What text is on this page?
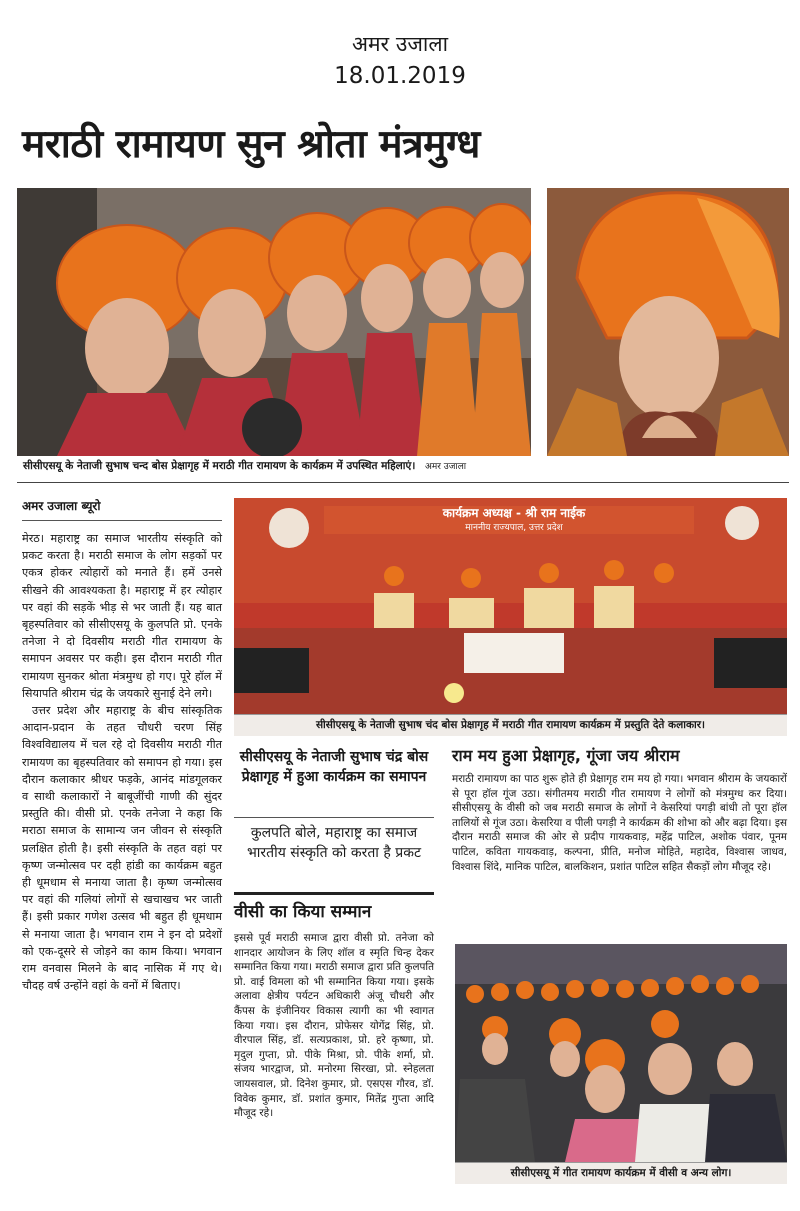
अमर उजाला
18.01.2019
मराठी रामायण सुन श्रोता मंत्रमुग्ध
सीसीएसयू के नेताजी सुभाष चन्द बोस प्रेक्षागृह में मराठी गीत रामायण के कार्यक्रम में उपस्थित महिलाएं। अमर उजाला
अमर उजाला ब्यूरो

मेरठ। महाराष्ट्र का समाज भारतीय संस्कृति को प्रकट करता है। मराठी समाज के लोग सड़कों पर एकत्र होकर त्योहारों को मनाते हैं। हमें उनसे सीखने की आवश्यकता है। महाराष्ट्र में हर त्योहार पर वहां की सड़कें भीड़ से भर जाती हैं। यह बात बृहस्पतिवार को सीसीएसयू के कुलपति प्रो. एनके तनेजा ने दो दिवसीय मराठी गीत रामायण के समापन अवसर पर कही। इस दौरान मराठी गीत रामायण सुनकर श्रोता मंत्रमुग्ध हो गए। पूरे हॉल में सियापति श्रीराम चंद्र के जयकारे सुनाई देने लगे।

उत्तर प्रदेश और महाराष्ट्र के बीच सांस्कृतिक आदान-प्रदान के तहत चौधरी चरण सिंह विश्वविद्यालय में चल रहे दो दिवसीय मराठी गीत रामायण का बृहस्पतिवार को समापन हो गया। इस दौरान कलाकार श्रीधर फड़के, आनंद मांडगूलकर व साथी कलाकारों ने बाबूजींची गाणी की सुंदर प्रस्तुति की। वीसी प्रो. एनके तनेजा ने कहा कि मराठा समाज के सामान्य जन जीवन से संस्कृति प्रलक्षित होती है। इसी संस्कृति के तहत वहां पर कृष्ण जन्मोत्सव पर दही हांडी का कार्यक्रम बहुत ही धूमधाम से मनाया जाता है। कृष्ण जन्मोत्सव पर वहां की गलियां लोगों से खचाखच भर जाती हैं। इसी प्रकार गणेश उत्सव भी बहुत ही धूमधाम से मनाया जाता है। भगवान राम ने इन दो प्रदेशों को एक-दूसरे से जोड़ने का काम किया। भगवान राम वनवास मिलने के बाद नासिक में गए थे। चौदह वर्ष उन्होंने वहां के वनों में बिताए।

कार्यक्रम अध्यक्ष - श्री राम नाईक
माननीय राज्यपाल, उत्तर प्रदेश
सीसीएसयू के नेताजी सुभाष चंद बोस प्रेक्षागृह में मराठी गीत रामायण कार्यक्रम में प्रस्तुति देते कलाकार।
सीसीएसयू के नेताजी सुभाष चंद्र बोस प्रेक्षागृह में हुआ कार्यक्रम का समापन
कुलपति बोले, महाराष्ट्र का समाज भारतीय संस्कृति को करता है प्रकट
वीसी का किया सम्मान
इससे पूर्व मराठी समाज द्वारा वीसी प्रो. तनेजा को शानदार आयोजन के लिए शॉल व स्मृति चिन्ह देकर सम्मानित किया गया। मराठी समाज द्वारा प्रति कुलपति प्रो. वाई विमला को भी सम्मानित किया गया। इसके अलावा क्षेत्रीय पर्यटन अधिकारी अंजू चौधरी और कैंपस के इंजीनियर विकास त्यागी का भी स्वागत किया गया। इस दौरान, प्रोफेसर योगेंद्र सिंह, प्रो. वीरपाल सिंह, डॉ. सत्यप्रकाश, प्रो. हरे कृष्णा, प्रो. मृदुल गुप्ता, प्रो. पीके मिश्रा, प्रो. पीके शर्मा, प्रो. संजय भारद्वाज, प्रो. मनोरमा सिरखा, प्रो. स्नेहलता जायसवाल, प्रो. दिनेश कुमार, प्रो. एसएस गौरव, डॉ. विवेक कुमार, डॉ. प्रशांत कुमार, मितेंद्र गुप्ता आदि मौजूद रहे।
राम मय हुआ प्रेक्षागृह, गूंजा जय श्रीराम
मराठी रामायण का पाठ शुरू होते ही प्रेक्षागृह राम मय हो गया। भगवान श्रीराम के जयकारों से पूरा हॉल गूंज उठा। संगीतमय मराठी गीत रामायण ने लोगों को मंत्रमुग्ध कर दिया। सीसीएसयू के वीसी को जब मराठी समाज के लोगों ने केसरियां पगड़ी बांधी तो पूरा हॉल तालियों से गूंज उठा। केसरिया व पीली पगड़ी ने कार्यक्रम की शोभा को और बढ़ा दिया। इस दौरान मराठी समाज की ओर से प्रदीप गायकवाड़, महेंद्र पाटिल, अशोक पंवार, पूनम पाटिल, कविता गायकवाड़, कल्पना, प्रीति, मनोज मोहिते, महादेव, विश्वास जाधव, विश्वास शिंदे, मानिक पाटिल, बालकिशन, प्रशांत पाटिल सहित सैकड़ों लोग मौजूद रहे।
सीसीएसयू में गीत रामायण कार्यक्रम में वीसी व अन्य लोग।
